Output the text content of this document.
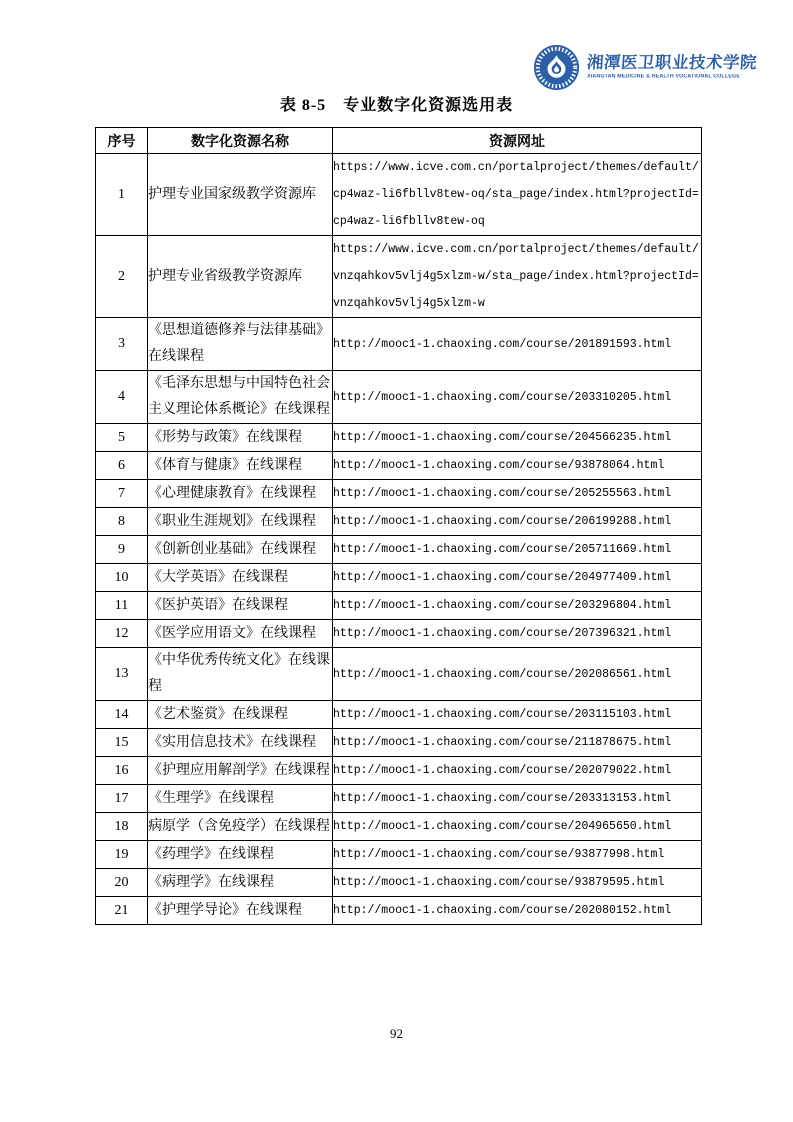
湘潭医卫职业技术学院
XIANGTAN MEDICINE & HEALTH VOCATIONAL COLLEGE
表 8-5　专业数字化资源选用表
序号	数字化资源名称	资源网址
1	护理专业国家级教学资源库	https://www.icve.com.cn/portalproject/themes/default/cp4waz-li6fbllv8tew-oq/sta_page/index.html?projectId=cp4waz-li6fbllv8tew-oq
2	护理专业省级教学资源库	https://www.icve.com.cn/portalproject/themes/default/vnzqahkov5vlj4g5xlzm-w/sta_page/index.html?projectId=vnzqahkov5vlj4g5xlzm-w
3	《思想道德修养与法律基础》在线课程	http://mooc1-1.chaoxing.com/course/201891593.html
4	《毛泽东思想与中国特色社会主义理论体系概论》在线课程	http://mooc1-1.chaoxing.com/course/203310205.html
5	《形势与政策》在线课程	http://mooc1-1.chaoxing.com/course/204566235.html
6	《体育与健康》在线课程	http://mooc1-1.chaoxing.com/course/93878064.html
7	《心理健康教育》在线课程	http://mooc1-1.chaoxing.com/course/205255563.html
8	《职业生涯规划》在线课程	http://mooc1-1.chaoxing.com/course/206199288.html
9	《创新创业基础》在线课程	http://mooc1-1.chaoxing.com/course/205711669.html
10	《大学英语》在线课程	http://mooc1-1.chaoxing.com/course/204977409.html
11	《医护英语》在线课程	http://mooc1-1.chaoxing.com/course/203296804.html
12	《医学应用语文》在线课程	http://mooc1-1.chaoxing.com/course/207396321.html
13	《中华优秀传统文化》在线课程	http://mooc1-1.chaoxing.com/course/202086561.html
14	《艺术鉴赏》在线课程	http://mooc1-1.chaoxing.com/course/203115103.html
15	《实用信息技术》在线课程	http://mooc1-1.chaoxing.com/course/211878675.html
16	《护理应用解剖学》在线课程	http://mooc1-1.chaoxing.com/course/202079022.html
17	《生理学》在线课程	http://mooc1-1.chaoxing.com/course/203313153.html
18	病原学（含免疫学）在线课程	http://mooc1-1.chaoxing.com/course/204965650.html
19	《药理学》在线课程	http://mooc1-1.chaoxing.com/course/93877998.html
20	《病理学》在线课程	http://mooc1-1.chaoxing.com/course/93879595.html
21	《护理学导论》在线课程	http://mooc1-1.chaoxing.com/course/202080152.html
92
